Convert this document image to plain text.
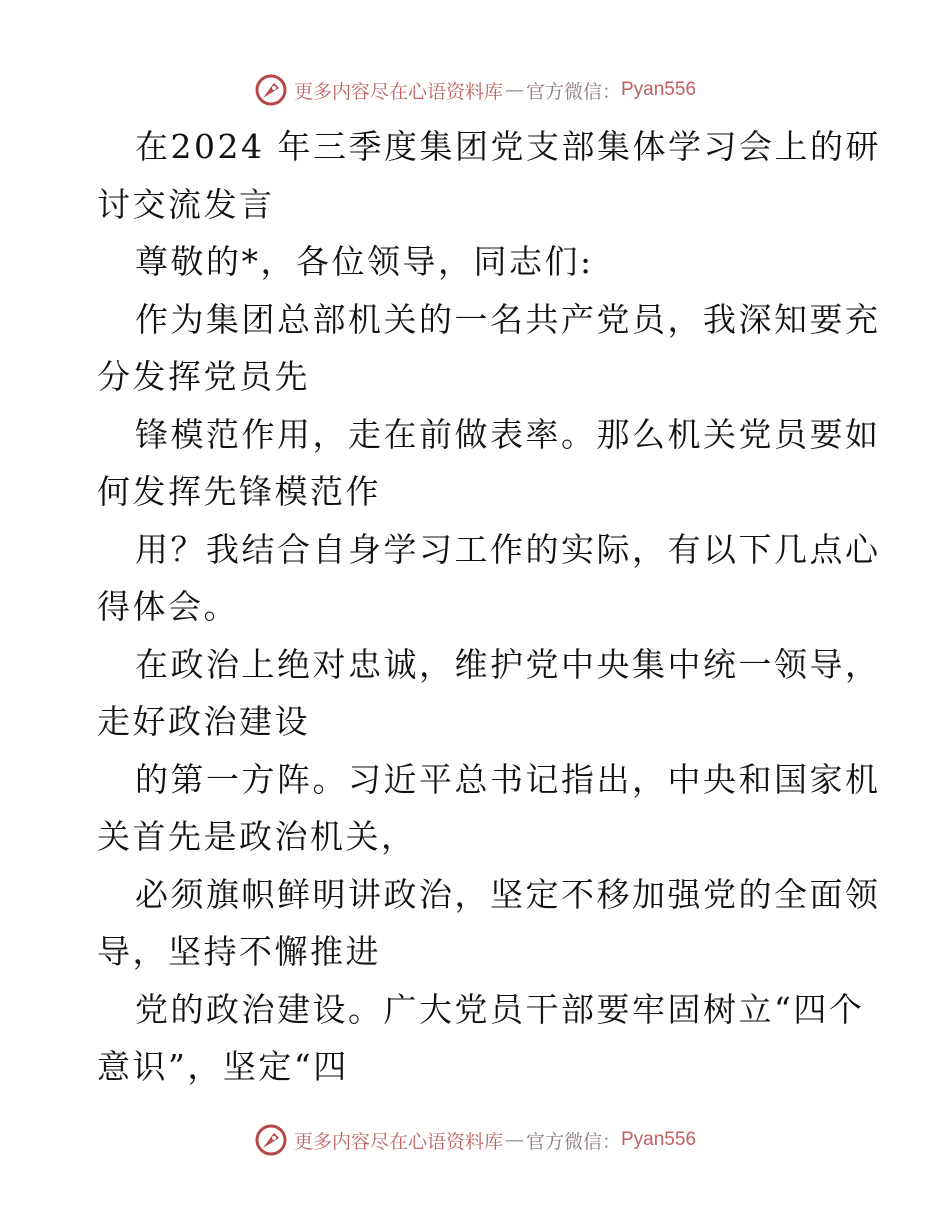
更多内容尽在心语资料库 — 官方微信： Pyan556

在2024 年三季度集团党支部集体学习会上的研
讨交流发言

尊敬的*，各位领导，同志们:

作为集团总部机关的一名共产党员，我深知要充
分发挥党员先

锋模范作用，走在前做表率。那么机关党员要如
何发挥先锋模范作

用？我结合自身学习工作的实际，有以下几点心
得体会。

在政治上绝对忠诚，维护党中央集中统一领导，
走好政治建设

的第一方阵。习近平总书记指出，中央和国家机
关首先是政治机关，

必须旗帜鲜明讲政治，坚定不移加强党的全面领
导，坚持不懈推进

党的政治建设。广大党员干部要牢固树立“四个
意识”，坚定“四

更多内容尽在心语资料库 — 官方微信： Pyan556
